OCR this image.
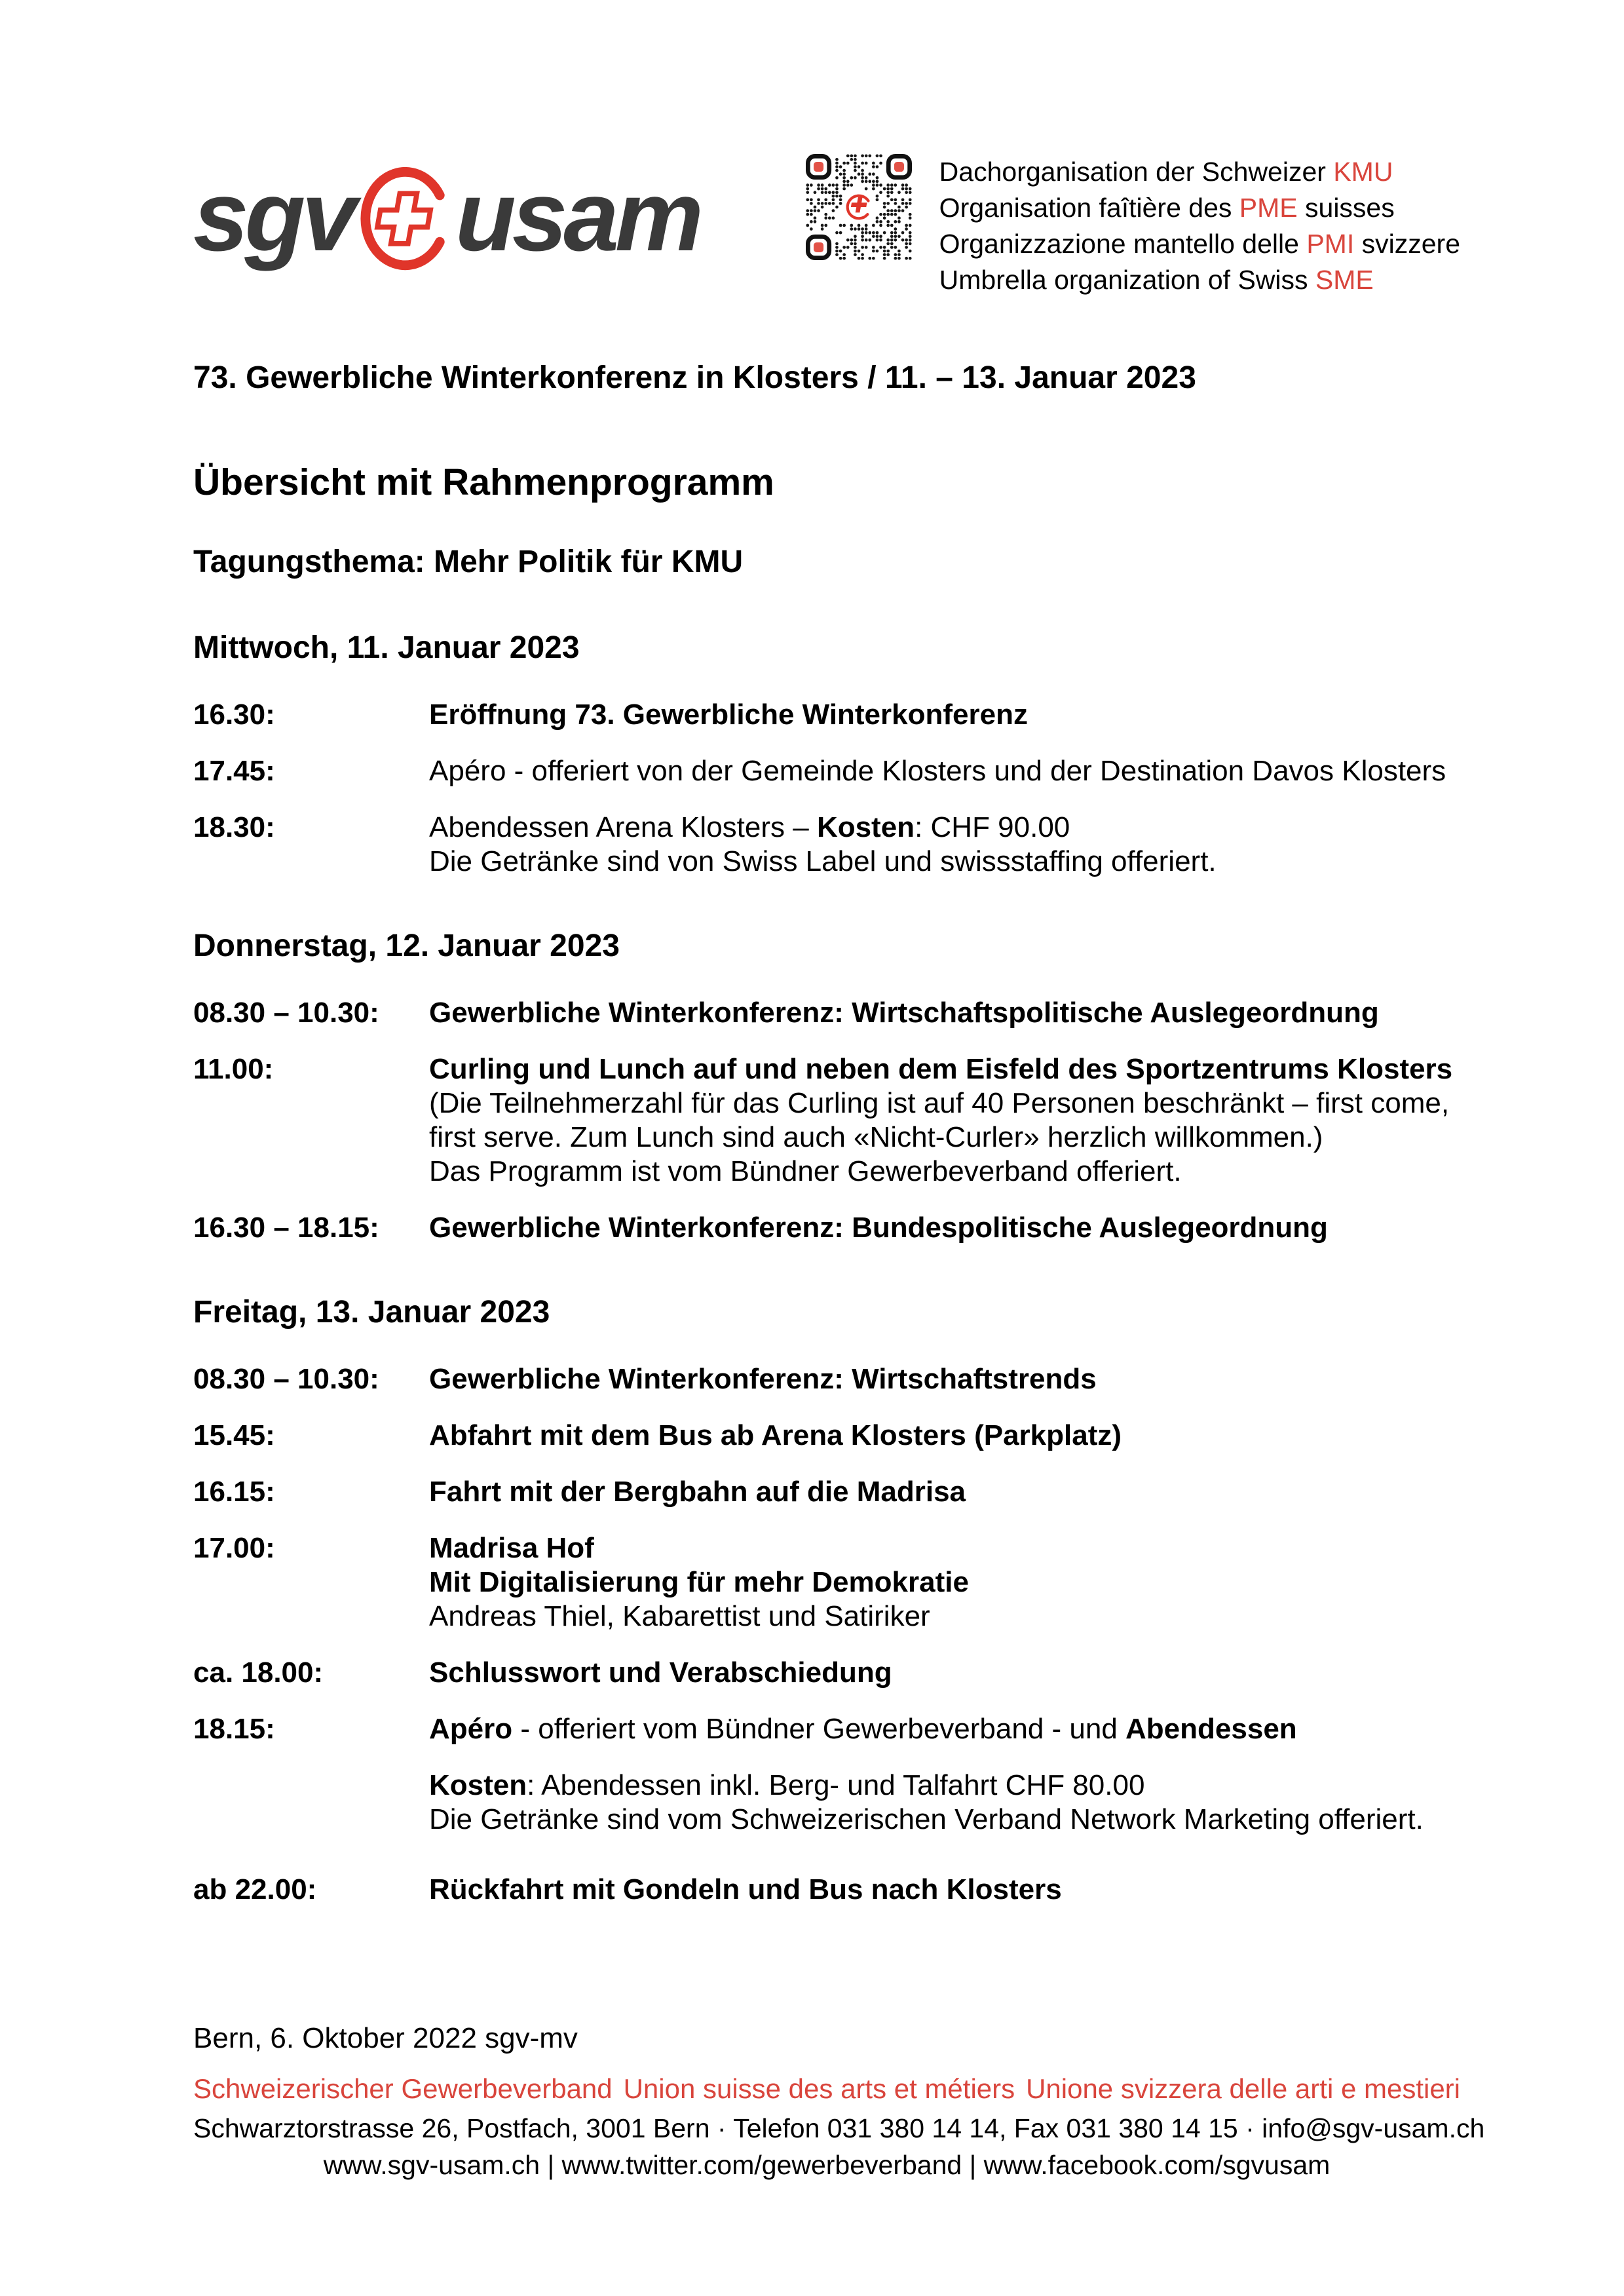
sgv usam	Dachorganisation der Schweizer KMU
Organisation faîtière des PME suisses
Organizzazione mantello delle PMI svizzere
Umbrella organization of Swiss SME
73. Gewerbliche Winterkonferenz in Klosters / 11. – 13. Januar 2023
Übersicht mit Rahmenprogramm
Tagungsthema: Mehr Politik für KMU
Mittwoch, 11. Januar 2023
16.30:	Eröffnung 73. Gewerbliche Winterkonferenz
17.45:	Apéro - offeriert von der Gemeinde Klosters und der Destination Davos Klosters
18.30:	Abendessen Arena Klosters – Kosten: CHF 90.00
Die Getränke sind von Swiss Label und swissstaffing offeriert.
Donnerstag, 12. Januar 2023
08.30 – 10.30:	Gewerbliche Winterkonferenz: Wirtschaftspolitische Auslegeordnung
11.00:	Curling und Lunch auf und neben dem Eisfeld des Sportzentrums Klosters
(Die Teilnehmerzahl für das Curling ist auf 40 Personen beschränkt – first come,
first serve. Zum Lunch sind auch «Nicht-Curler» herzlich willkommen.)
Das Programm ist vom Bündner Gewerbeverband offeriert.
16.30 – 18.15:	Gewerbliche Winterkonferenz: Bundespolitische Auslegeordnung
Freitag, 13. Januar 2023
08.30 – 10.30:	Gewerbliche Winterkonferenz: Wirtschaftstrends
15.45:	Abfahrt mit dem Bus ab Arena Klosters (Parkplatz)
16.15:	Fahrt mit der Bergbahn auf die Madrisa
17.00:	Madrisa Hof
Mit Digitalisierung für mehr Demokratie
Andreas Thiel, Kabarettist und Satiriker
ca. 18.00:	Schlusswort und Verabschiedung
18.15:	Apéro - offeriert vom Bündner Gewerbeverband - und Abendessen
Kosten: Abendessen inkl. Berg- und Talfahrt CHF 80.00
Die Getränke sind vom Schweizerischen Verband Network Marketing offeriert.
ab 22.00:	Rückfahrt mit Gondeln und Bus nach Klosters
Bern, 6. Oktober 2022 sgv-mv
Schweizerischer Gewerbeverband Union suisse des arts et métiers Unione svizzera delle arti e mestieri
Schwarztorstrasse 26, Postfach, 3001 Bern · Telefon 031 380 14 14, Fax 031 380 14 15 · info@sgv-usam.ch
www.sgv-usam.ch | www.twitter.com/gewerbeverband | www.facebook.com/sgvusam
